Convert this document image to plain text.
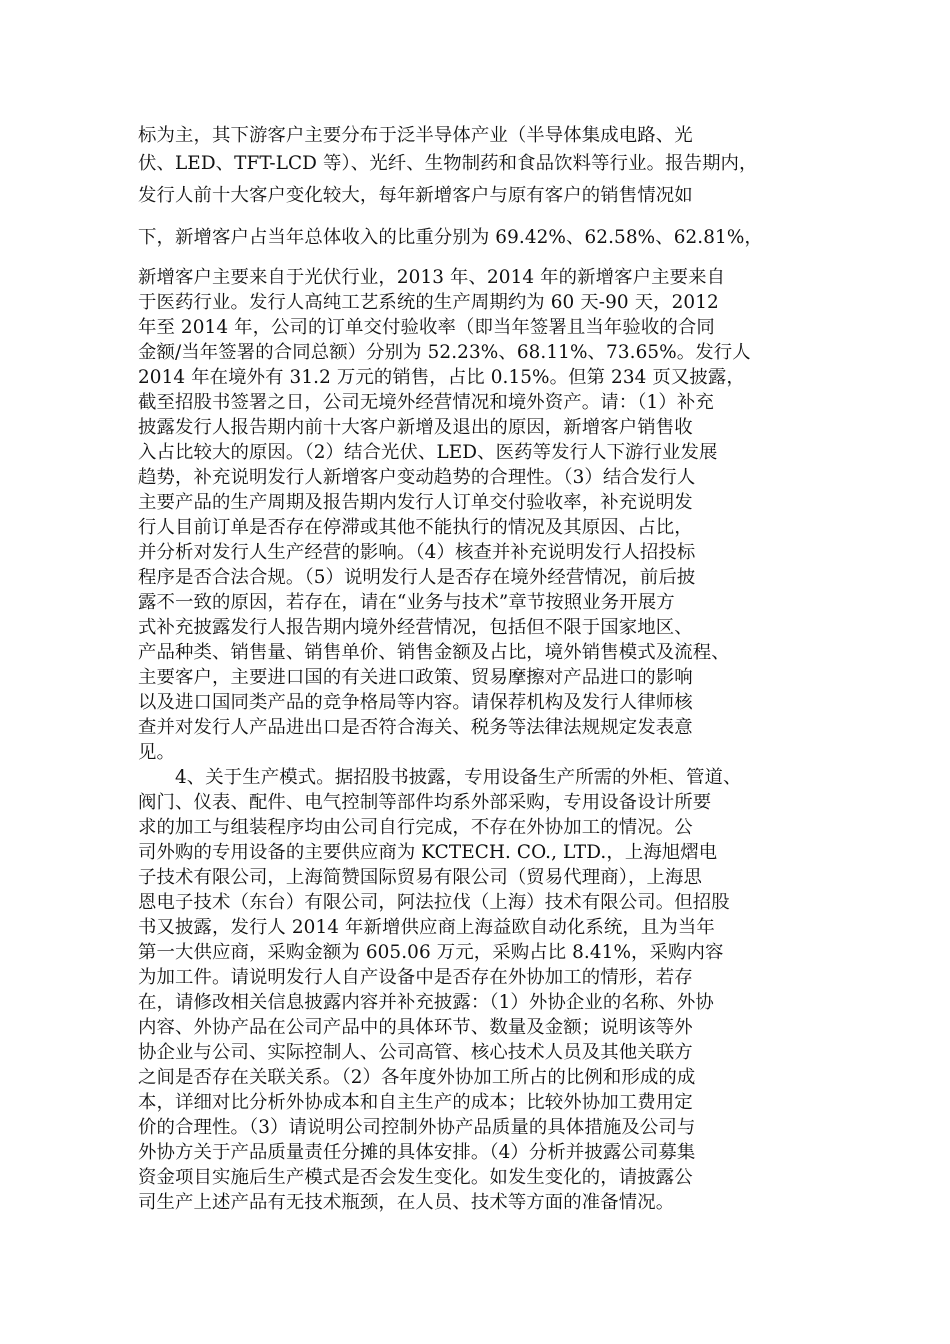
标为主，其下游客户主要分布于泛半导体产业（半导体集成电路、光
伏、LED、TFT-LCD 等）、光纤、生物制药和食品饮料等行业。报告期内，
发行人前十大客户变化较大，每年新增客户与原有客户的销售情况如
下，新增客户占当年总体收入的比重分别为 69.42%、62.58%、62.81%，
新增客户主要来自于光伏行业，2013 年、2014 年的新增客户主要来自
于医药行业。发行人高纯工艺系统的生产周期约为 60 天-90 天，2012
年至 2014 年，公司的订单交付验收率（即当年签署且当年验收的合同
金额/当年签署的合同总额）分别为 52.23%、68.11%、73.65%。发行人
2014 年在境外有 31.2 万元的销售，占比 0.15%。但第 234 页又披露，
截至招股书签署之日，公司无境外经营情况和境外资产。请：（1）补充
披露发行人报告期内前十大客户新增及退出的原因，新增客户销售收
入占比较大的原因。（2）结合光伏、LED、医药等发行人下游行业发展
趋势，补充说明发行人新增客户变动趋势的合理性。（3）结合发行人
主要产品的生产周期及报告期内发行人订单交付验收率，补充说明发
行人目前订单是否存在停滞或其他不能执行的情况及其原因、占比，
并分析对发行人生产经营的影响。（4）核查并补充说明发行人招投标
程序是否合法合规。（5）说明发行人是否存在境外经营情况，前后披
露不一致的原因，若存在，请在“业务与技术”章节按照业务开展方
式补充披露发行人报告期内境外经营情况，包括但不限于国家地区、
产品种类、销售量、销售单价、销售金额及占比，境外销售模式及流程、
主要客户，主要进口国的有关进口政策、贸易摩擦对产品进口的影响
以及进口国同类产品的竞争格局等内容。请保荐机构及发行人律师核
查并对发行人产品进出口是否符合海关、税务等法律法规规定发表意
见。
4、关于生产模式。据招股书披露，专用设备生产所需的外柜、管道、
阀门、仪表、配件、电气控制等部件均系外部采购，专用设备设计所要
求的加工与组装程序均由公司自行完成，不存在外协加工的情况。公
司外购的专用设备的主要供应商为 KCTECH. CO., LTD.，上海旭熠电
子技术有限公司，上海简赞国际贸易有限公司（贸易代理商），上海思
恩电子技术（东台）有限公司，阿法拉伐（上海）技术有限公司。但招股
书又披露，发行人 2014 年新增供应商上海益欧自动化系统，且为当年
第一大供应商，采购金额为 605.06 万元，采购占比 8.41%，采购内容
为加工件。请说明发行人自产设备中是否存在外协加工的情形，若存
在，请修改相关信息披露内容并补充披露：（1）外协企业的名称、外协
内容、外协产品在公司产品中的具体环节、数量及金额；说明该等外
协企业与公司、实际控制人、公司高管、核心技术人员及其他关联方
之间是否存在关联关系。（2）各年度外协加工所占的比例和形成的成
本，详细对比分析外协成本和自主生产的成本；比较外协加工费用定
价的合理性。（3）请说明公司控制外协产品质量的具体措施及公司与
外协方关于产品质量责任分摊的具体安排。（4）分析并披露公司募集
资金项目实施后生产模式是否会发生变化。如发生变化的，请披露公
司生产上述产品有无技术瓶颈，在人员、技术等方面的准备情况。
